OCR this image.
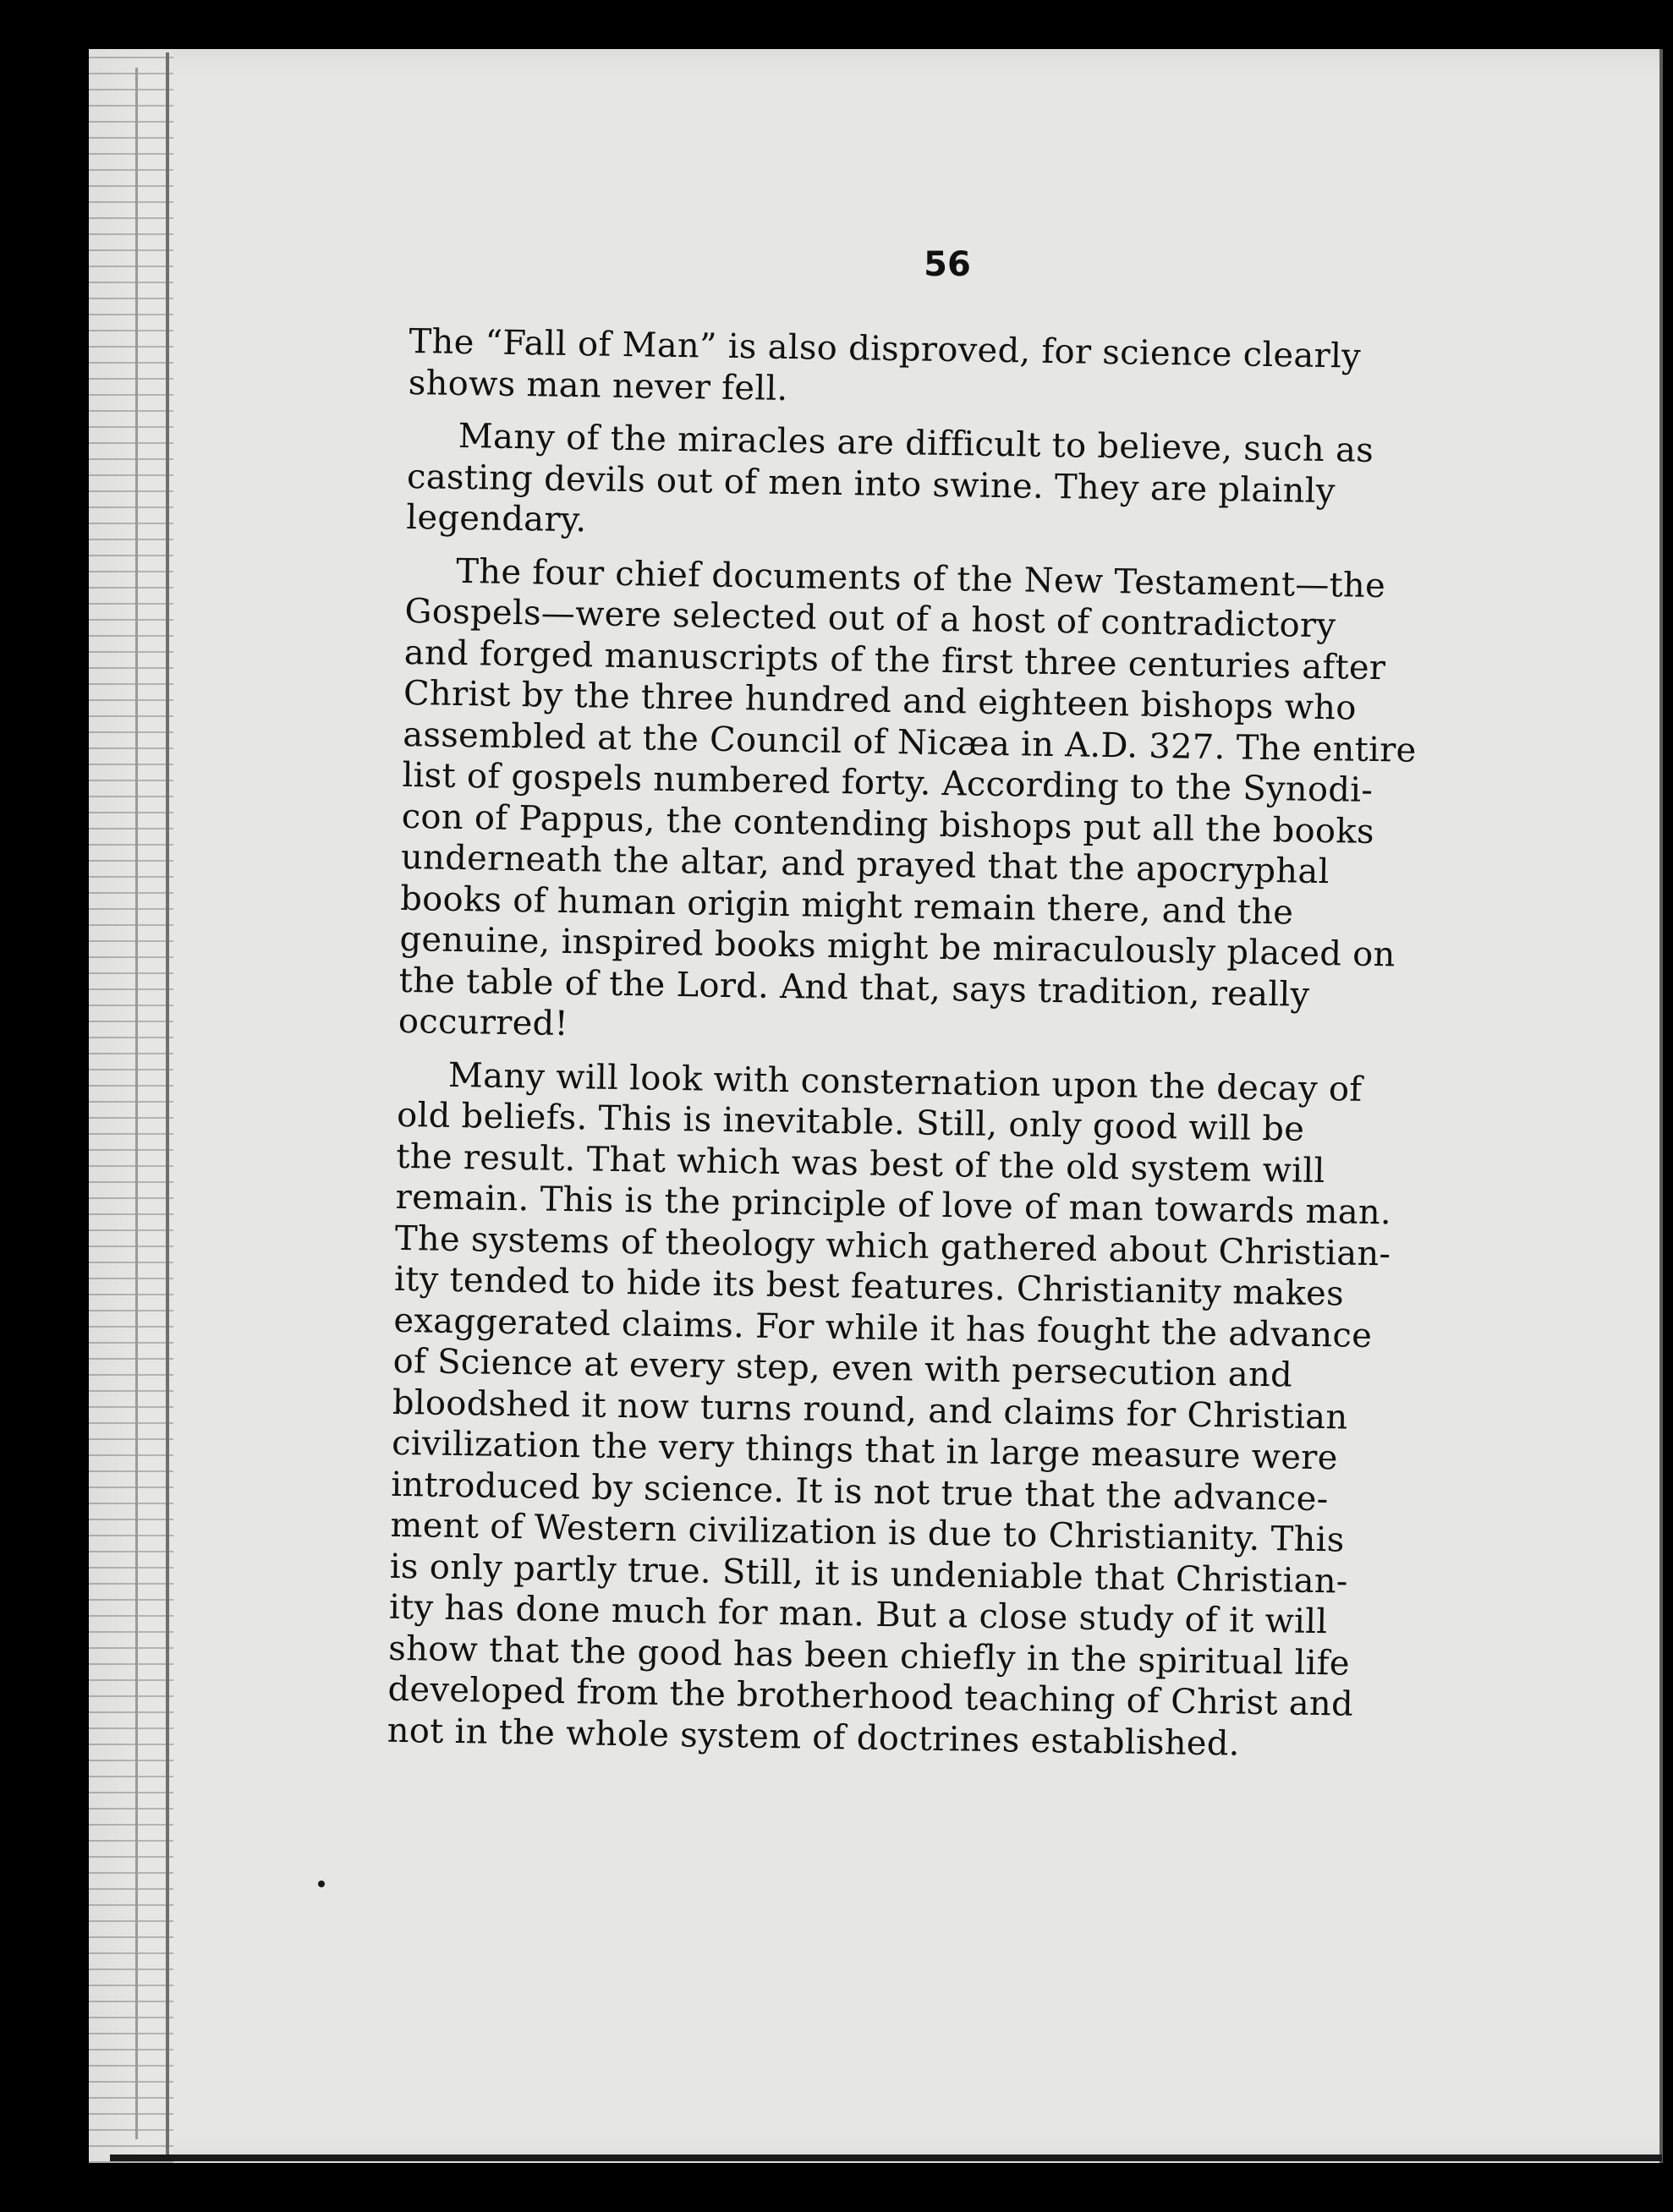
56
The “Fall of Man” is also disproved, for science clearly
shows man never fell.
Many of the miracles are difficult to believe, such as
casting devils out of men into swine. They are plainly
legendary.
The four chief documents of the New Testament—the
Gospels—were selected out of a host of contradictory
and forged manuscripts of the first three centuries after
Christ by the three hundred and eighteen bishops who
assembled at the Council of Nicæa in A.D. 327. The entire
list of gospels numbered forty. According to the Synodi-
con of Pappus, the contending bishops put all the books
underneath the altar, and prayed that the apocryphal
books of human origin might remain there, and the
genuine, inspired books might be miraculously placed on
the table of the Lord. And that, says tradition, really
occurred!
Many will look with consternation upon the decay of
old beliefs. This is inevitable. Still, only good will be
the result. That which was best of the old system will
remain. This is the principle of love of man towards man.
The systems of theology which gathered about Christian-
ity tended to hide its best features. Christianity makes
exaggerated claims. For while it has fought the advance
of Science at every step, even with persecution and
bloodshed it now turns round, and claims for Christian
civilization the very things that in large measure were
introduced by science. It is not true that the advance-
ment of Western civilization is due to Christianity. This
is only partly true. Still, it is undeniable that Christian-
ity has done much for man. But a close study of it will
show that the good has been chiefly in the spiritual life
developed from the brotherhood teaching of Christ and
not in the whole system of doctrines established.
